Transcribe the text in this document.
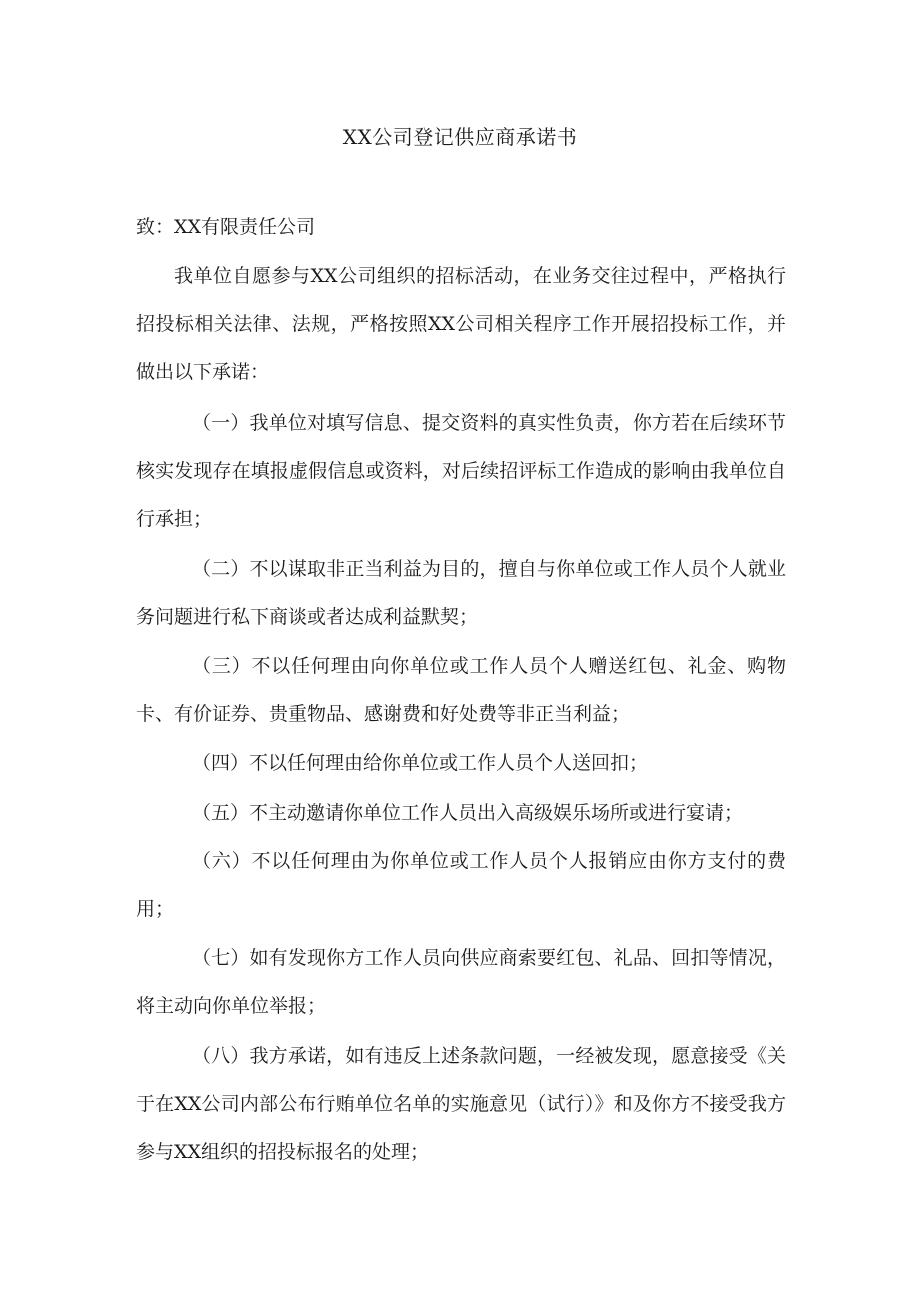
XX公司登记供应商承诺书
致：XX有限责任公司

我单位自愿参与XX公司组织的招标活动，在业务交往过程中，严格执行招投标相关法律、法规，严格按照XX公司相关程序工作开展招投标工作，并做出以下承诺：

（一）我单位对填写信息、提交资料的真实性负责，你方若在后续环节核实发现存在填报虚假信息或资料，对后续招评标工作造成的影响由我单位自行承担；

（二）不以谋取非正当利益为目的，擅自与你单位或工作人员个人就业务问题进行私下商谈或者达成利益默契；

（三）不以任何理由向你单位或工作人员个人赠送红包、礼金、购物卡、有价证券、贵重物品、感谢费和好处费等非正当利益；

（四）不以任何理由给你单位或工作人员个人送回扣；

（五）不主动邀请你单位工作人员出入高级娱乐场所或进行宴请；

（六）不以任何理由为你单位或工作人员个人报销应由你方支付的费用；

（七）如有发现你方工作人员向供应商索要红包、礼品、回扣等情况，将主动向你单位举报；

（八）我方承诺，如有违反上述条款问题，一经被发现，愿意接受《关于在XX公司内部公布行贿单位名单的实施意见（试行）》和及你方不接受我方参与XX组织的招投标报名的处理；
